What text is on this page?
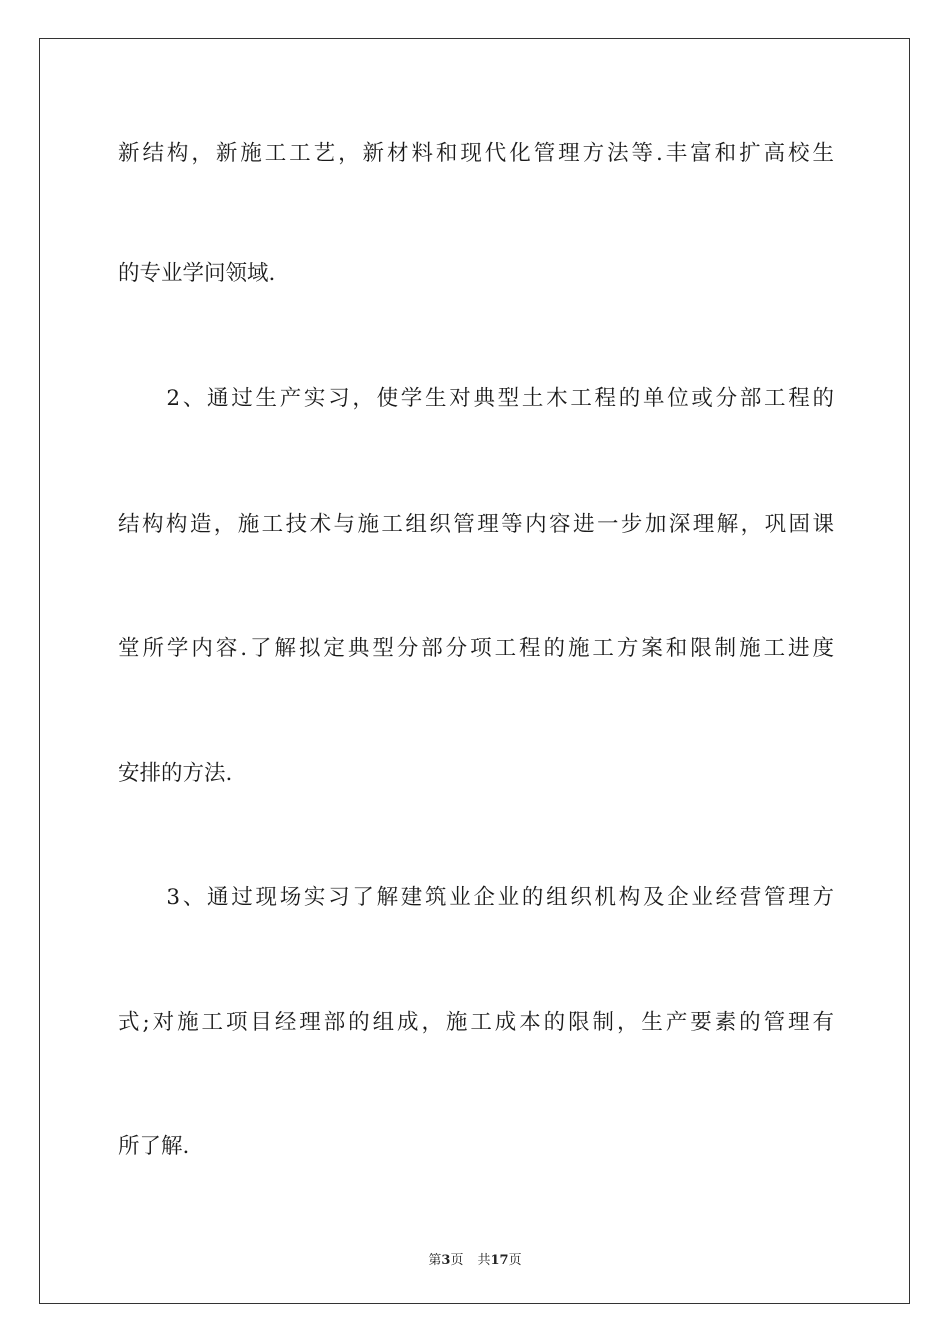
新结构，新施工工艺，新材料和现代化管理方法等.丰富和扩高校生
的专业学问领域.
　　2、通过生产实习，使学生对典型土木工程的单位或分部工程的
结构构造，施工技术与施工组织管理等内容进一步加深理解，巩固课
堂所学内容.了解拟定典型分部分项工程的施工方案和限制施工进度
安排的方法.
　　3、通过现场实习了解建筑业企业的组织机构及企业经营管理方
式;对施工项目经理部的组成，施工成本的限制，生产要素的管理有
所了解.
第3页 共17页
